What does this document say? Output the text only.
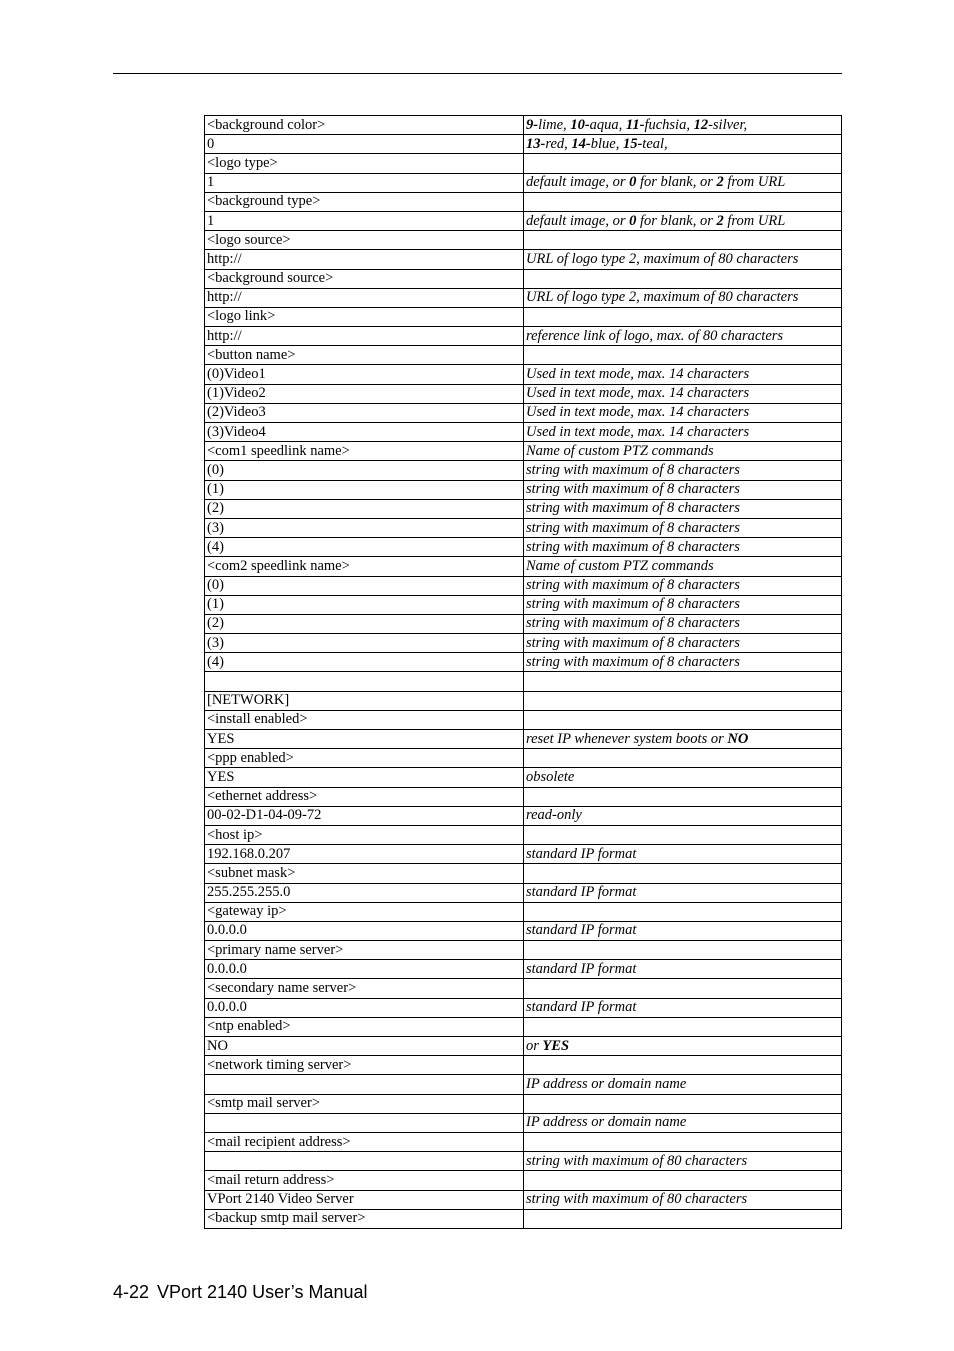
<background color>	9-lime, 10-aqua, 11-fuchsia, 12-silver,
0	13-red, 14-blue, 15-teal,
<logo type>	
1	default image, or 0 for blank, or 2 from URL
<background type>	
1	default image, or 0 for blank, or 2 from URL
<logo source>	
http://	URL of logo type 2, maximum of 80 characters
<background source>	
http://	URL of logo type 2, maximum of 80 characters
<logo link>	
http://	reference link of logo, max. of 80 characters
<button name>	
(0)Video1	Used in text mode, max. 14 characters
(1)Video2	Used in text mode, max. 14 characters
(2)Video3	Used in text mode, max. 14 characters
(3)Video4	Used in text mode, max. 14 characters
<com1 speedlink name>	Name of custom PTZ commands
(0)	string with maximum of 8 characters
(1)	string with maximum of 8 characters
(2)	string with maximum of 8 characters
(3)	string with maximum of 8 characters
(4)	string with maximum of 8 characters
<com2 speedlink name>	Name of custom PTZ commands
(0)	string with maximum of 8 characters
(1)	string with maximum of 8 characters
(2)	string with maximum of 8 characters
(3)	string with maximum of 8 characters
(4)	string with maximum of 8 characters

[NETWORK]	
<install enabled>	
YES	reset IP whenever system boots or NO
<ppp enabled>	
YES	obsolete
<ethernet address>	
00-02-D1-04-09-72	read-only
<host ip>	
192.168.0.207	standard IP format
<subnet mask>	
255.255.255.0	standard IP format
<gateway ip>	
0.0.0.0	standard IP format
<primary name server>	
0.0.0.0	standard IP format
<secondary name server>	
0.0.0.0	standard IP format
<ntp enabled>	
NO	or YES
<network timing server>	
	IP address or domain name
<smtp mail server>	
	IP address or domain name
<mail recipient address>	
	string with maximum of 80 characters
<mail return address>	
VPort 2140 Video Server	string with maximum of 80 characters
<backup smtp mail server>	
4-22 VPort 2140 User’s Manual
